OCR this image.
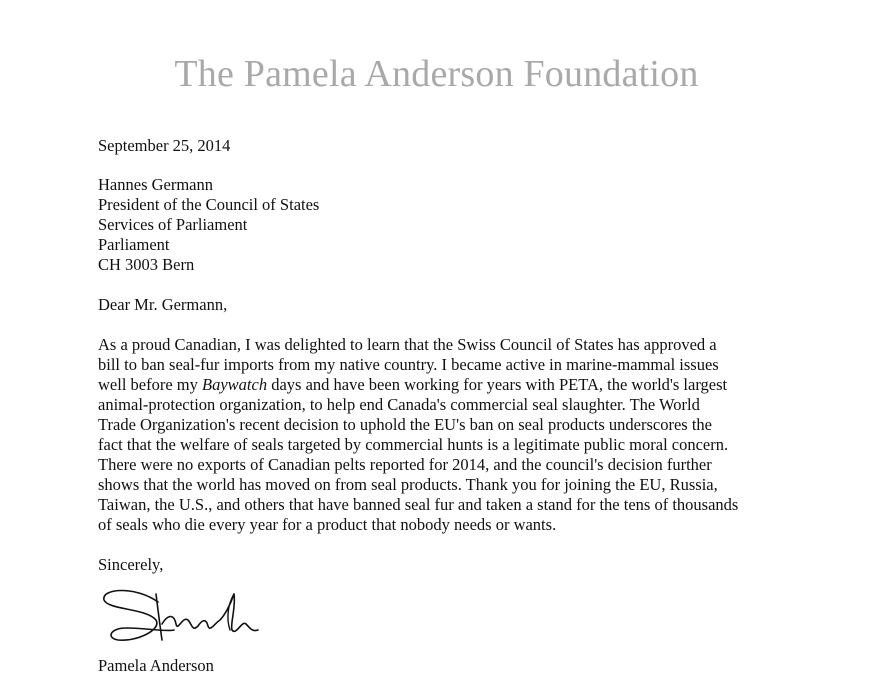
The Pamela Anderson Foundation
September 25, 2014
Hannes Germann
President of the Council of States
Services of Parliament
Parliament
CH 3003 Bern
Dear Mr. Germann,
As a proud Canadian, I was delighted to learn that the Swiss Council of States has approved a
bill to ban seal-fur imports from my native country. I became active in marine-mammal issues
well before my Baywatch days and have been working for years with PETA, the world's largest
animal-protection organization, to help end Canada's commercial seal slaughter. The World
Trade Organization's recent decision to uphold the EU's ban on seal products underscores the
fact that the welfare of seals targeted by commercial hunts is a legitimate public moral concern.
There were no exports of Canadian pelts reported for 2014, and the council's decision further
shows that the world has moved on from seal products. Thank you for joining the EU, Russia,
Taiwan, the U.S., and others that have banned seal fur and taken a stand for the tens of thousands
of seals who die every year for a product that nobody needs or wants.
Sincerely,
Pamela Anderson
